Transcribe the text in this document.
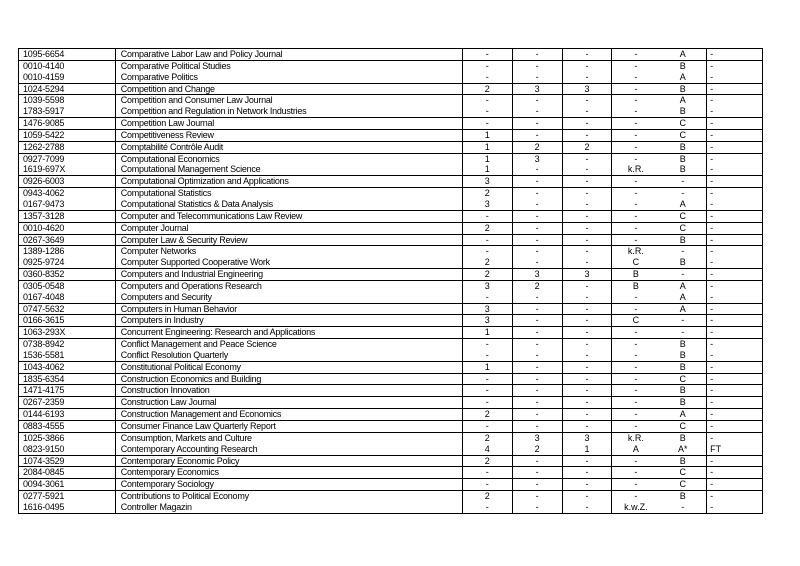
1095-6654	Comparative Labor Law and Policy Journal	-	-	-	-	A	-
0010-4140	Comparative Political Studies	-	-	-	-	B	-
0010-4159	Comparative Politics	-	-	-	-	A	-
1024-5294	Competition and Change	2	3	3	-	B	-
1039-5598	Competition and Consumer Law Journal	-	-	-	-	A	-
1783-5917	Competition and Regulation in Network Industries	-	-	-	-	B	-
1476-9085	Competition Law Journal	-	-	-	-	C	-
1059-5422	Competitiveness Review	1	-	-	-	C	-
1262-2788	Comptabilité Contrôle Audit	1	2	2	-	B	-
0927-7099	Computational Economics	1	3	-	-	B	-
1619-697X	Computational Management Science	1	-	-	k.R.	B	-
0926-6003	Computational Optimization and Applications	3	-	-	-	-	-
0943-4062	Computational Statistics	2	-	-	-	-	-
0167-9473	Computational Statistics & Data Analysis	3	-	-	-	A	-
1357-3128	Computer and Telecommunications Law Review	-	-	-	-	C	-
0010-4620	Computer Journal	2	-	-	-	C	-
0267-3649	Computer Law & Security Review	-	-	-	-	B	-
1389-1286	Computer Networks	-	-	-	k.R.	-	-
0925-9724	Computer Supported Cooperative Work	2	-	-	C	B	-
0360-8352	Computers and Industrial Engineering	2	3	3	B	-	-
0305-0548	Computers and Operations Research	3	2	-	B	A	-
0167-4048	Computers and Security	-	-	-	-	A	-
0747-5632	Computers in Human Behavior	3	-	-	-	A	-
0166-3615	Computers in Industry	3	-	-	C	-	-
1063-293X	Concurrent Engineering: Research and Applications	1	-	-	-	-	-
0738-8942	Conflict Management and Peace Science	-	-	-	-	B	-
1536-5581	Conflict Resolution Quarterly	-	-	-	-	B	-
1043-4062	Constitutional Political Economy	1	-	-	-	B	-
1835-6354	Construction Economics and Building	-	-	-	-	C	-
1471-4175	Construction Innovation	-	-	-	-	B	-
0267-2359	Construction Law Journal	-	-	-	-	B	-
0144-6193	Construction Management and Economics	2	-	-	-	A	-
0883-4555	Consumer Finance Law Quarterly Report	-	-	-	-	C	-
1025-3866	Consumption, Markets and Culture	2	3	3	k.R.	B	-
0823-9150	Contemporary Accounting Research	4	2	1	A	A*	FT
1074-3529	Contemporary Economic Policy	2	-	-	-	B	-
2084-0845	Contemporary Economics	-	-	-	-	C	-
0094-3061	Contemporary Sociology	-	-	-	-	C	-
0277-5921	Contributions to Political Economy	2	-	-	-	B	-
1616-0495	Controller Magazin	-	-	-	k.w.Z.	-	-
